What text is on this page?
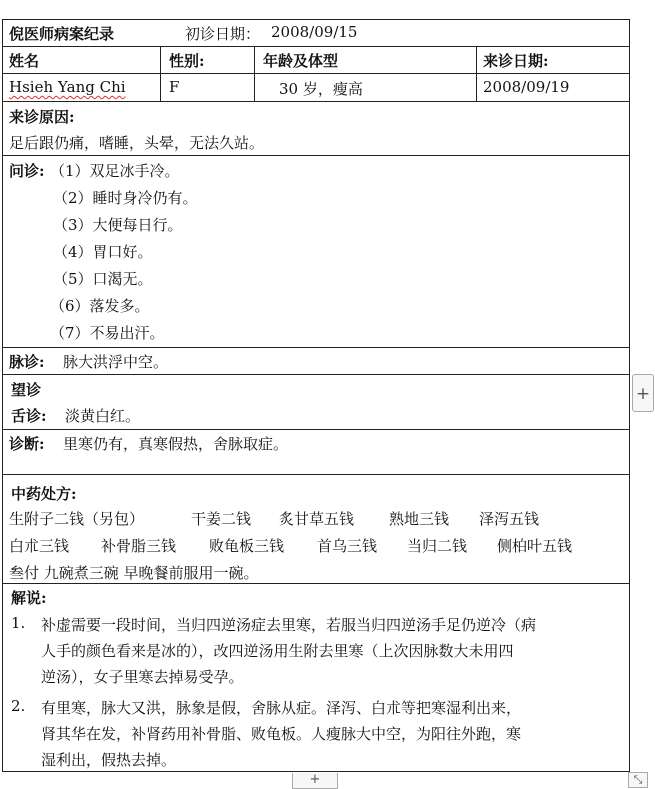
倪医师病案纪录	初诊日期： 2008/09/15
姓名	性别:	年龄及体型	来诊日期:
Hsieh Yang Chi	F	30 岁，瘦高	2008/09/19
来诊原因:
足后跟仍痛，嗜睡，头晕，无法久站。
问诊: （1）双足冰手冷。
（2）睡时身冷仍有。
（3）大便每日行。
（4）胃口好。
（5）口渴无。
（6）落发多。
（7）不易出汗。
脉诊: 脉大洪浮中空。
望诊
舌诊: 淡黄白红。
诊断: 里寒仍有，真寒假热，舍脉取症。
中药处方:
生附子二钱（另包）	干姜二钱 炙甘草五钱 熟地三钱 泽泻五钱
白朮三钱 补骨脂三钱 败龟板三钱 首乌三钱 当归二钱 侧柏叶五钱
叁付 九碗煮三碗 早晚餐前服用一碗。
解说:
1. 补虚需要一段时间，当归四逆汤症去里寒，若服当归四逆汤手足仍逆冷（病
人手的颜色看来是冰的），改四逆汤用生附去里寒（上次因脉数大未用四
逆汤），女子里寒去掉易受孕。
2. 有里寒，脉大又洪，脉象是假，舍脉从症。泽泻、白朮等把寒湿利出来，
肾其华在发，补肾药用补骨脂、败龟板。人瘦脉大中空，为阳往外跑，寒
湿利出，假热去掉。
+
+	⤡
